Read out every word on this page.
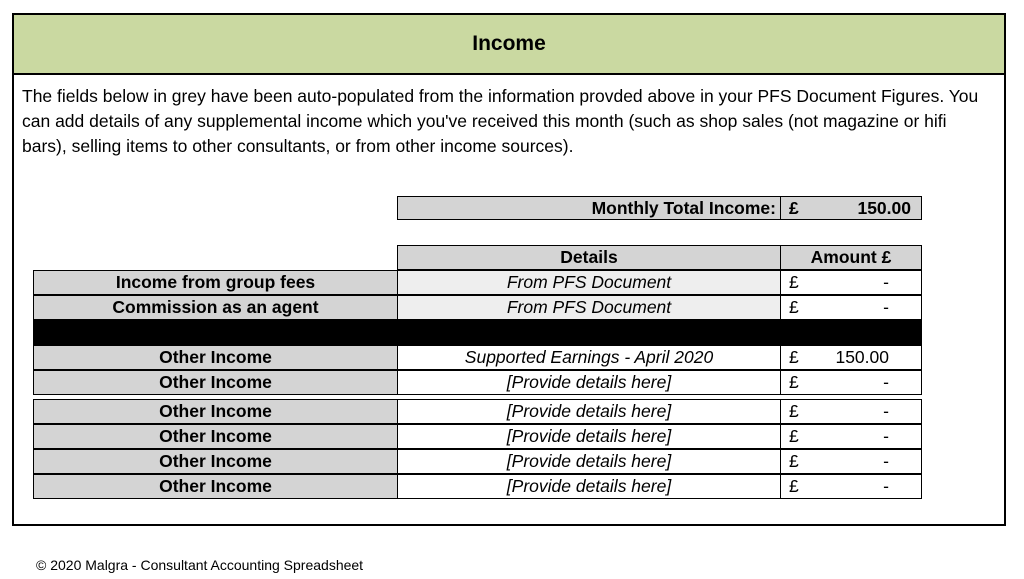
Income
The fields below in grey have been auto-populated from the information provded above in your PFS Document Figures. You can add details of any supplemental income which you've received this month (such as shop sales (not magazine or hifi bars), selling items to other consultants, or from other income sources).
Monthly Total Income: £	150.00
Details	Amount £
Income from group fees	From PFS Document	£	-
Commission as an agent	From PFS Document	£	-
Other Income	Supported Earnings - April 2020	£ 150.00
Other Income	[Provide details here]	£	-
Other Income	[Provide details here]	£	-
Other Income	[Provide details here]	£	-
Other Income	[Provide details here]	£	-
Other Income	[Provide details here]	£	-
© 2020 Malgra - Consultant Accounting Spreadsheet
